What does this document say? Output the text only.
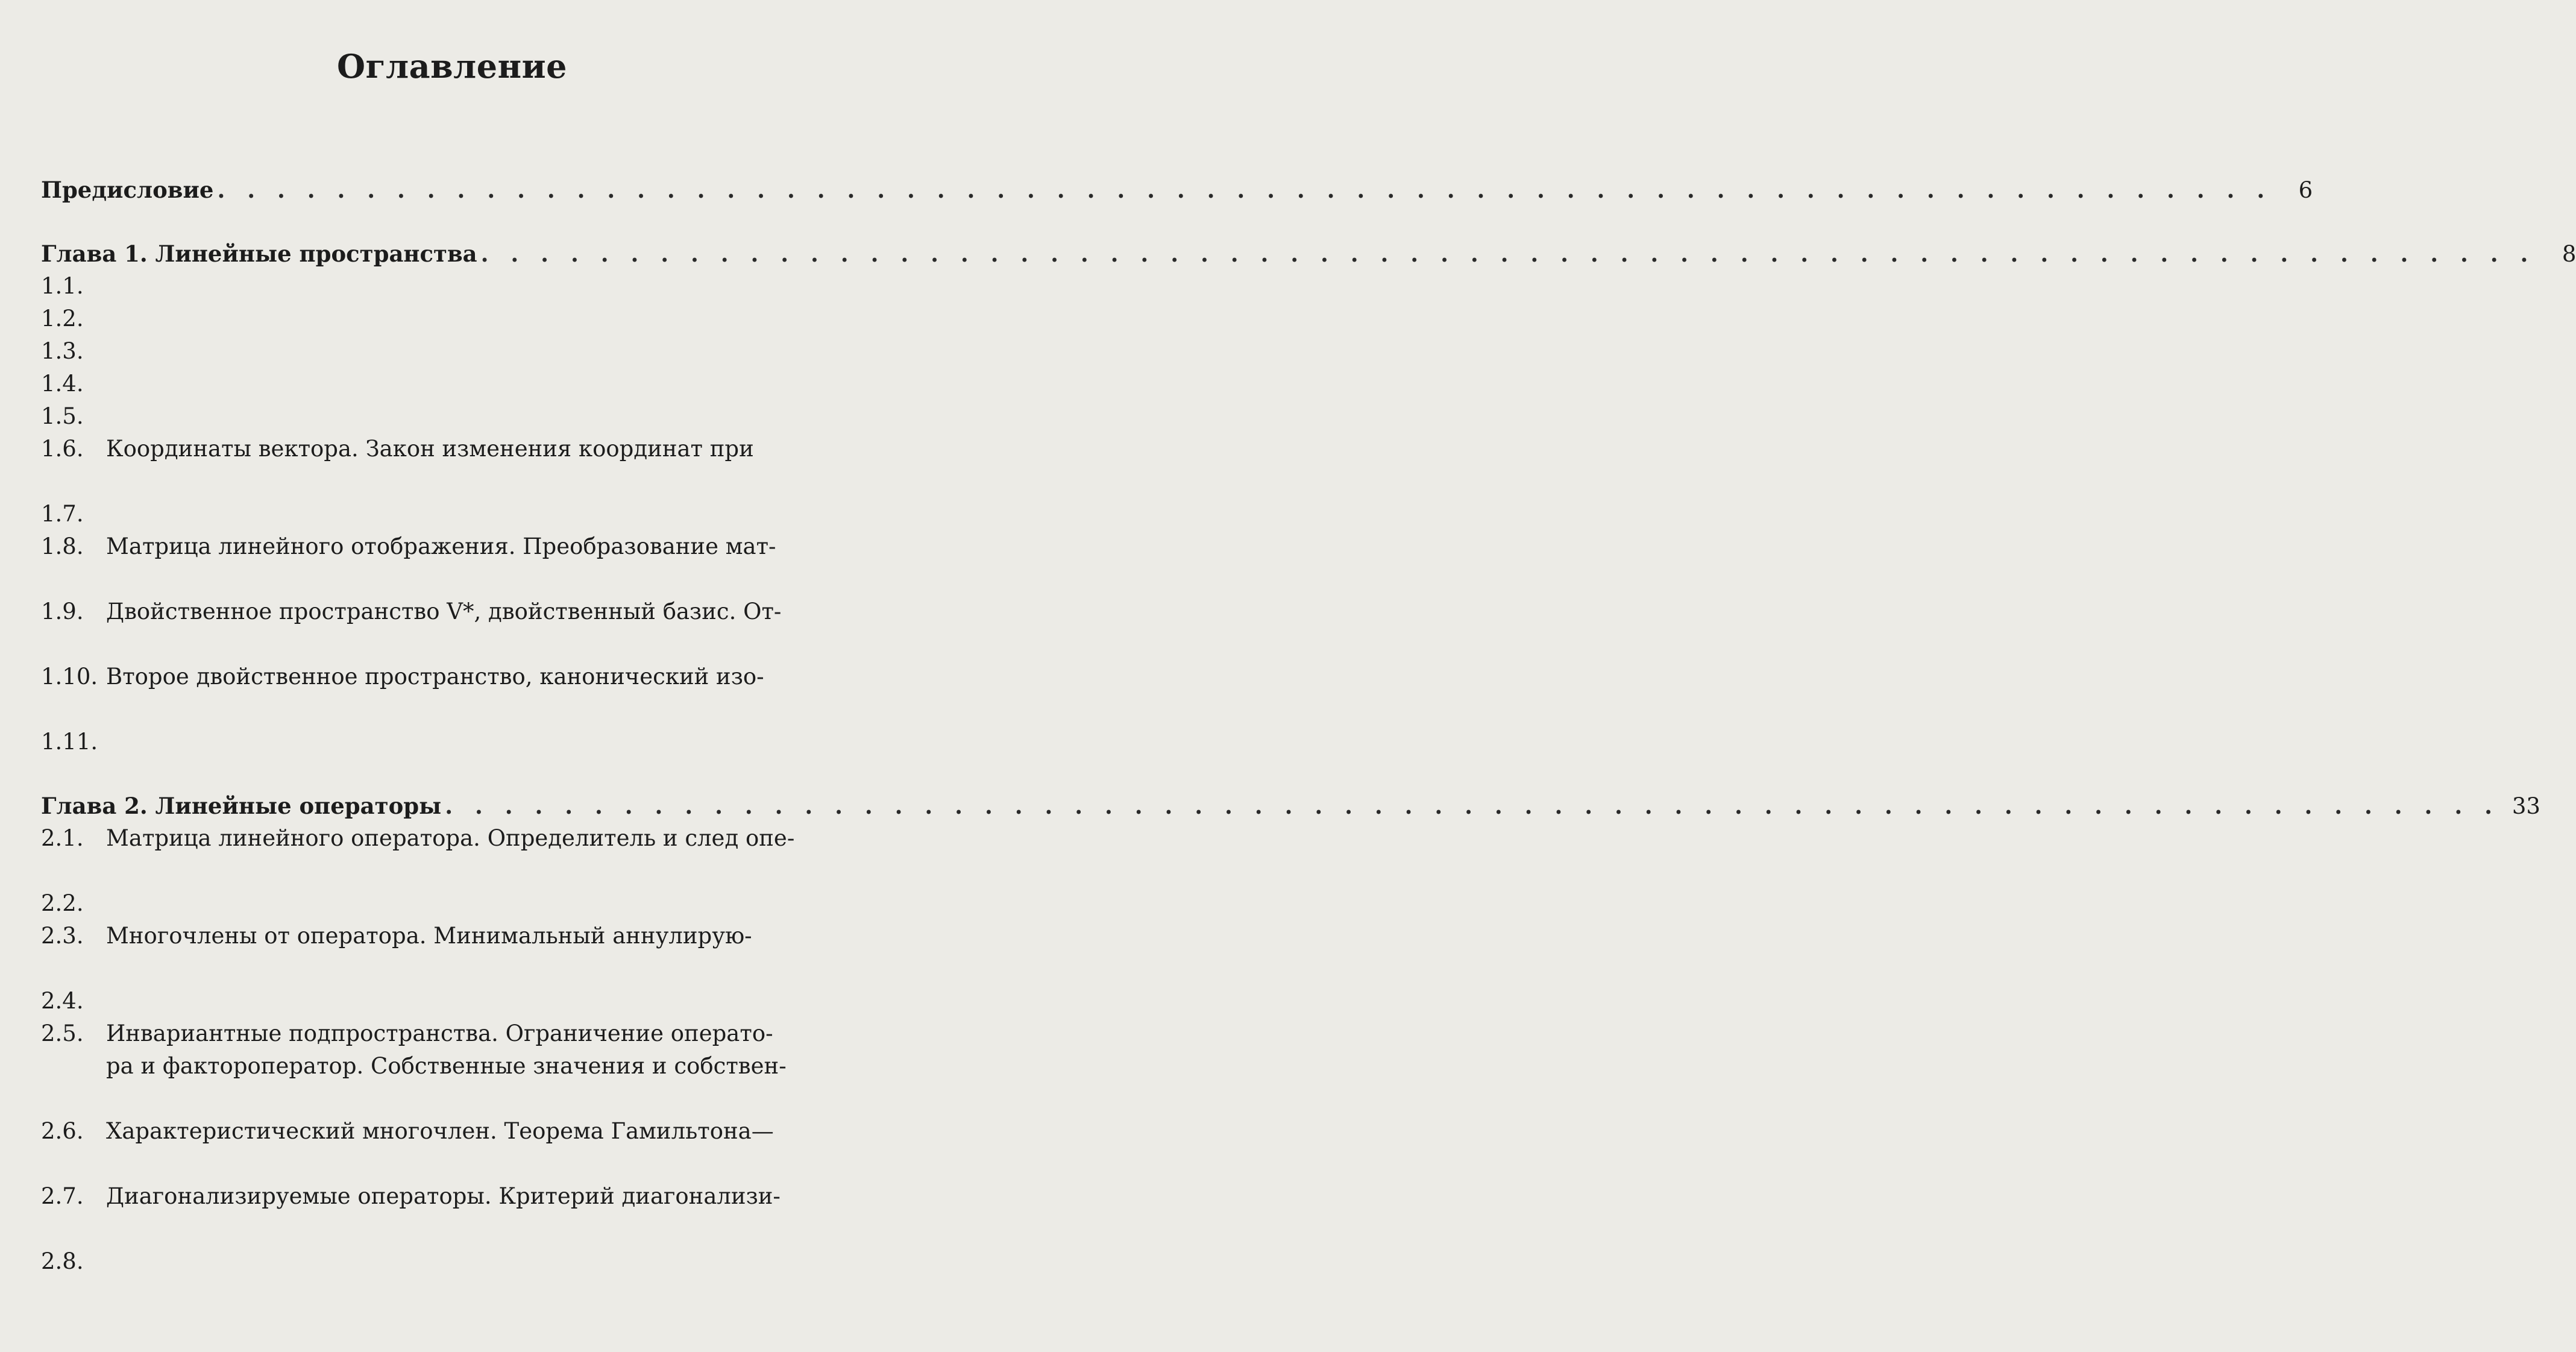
Оглавление
Предисловие . . . . . . . . . . . . . . . . . . . . . . . . . . . . . . . . . . . . . . . . . . . . . . . . . . . . . . . . . . . . . . . . . . . . .	6
Глава 1. Линейные пространства . . . . . . . . . . . . . . . . . . . . . . . . . . . . . . . . . . . . . . . . . . . . . . . . . . . . . . . . . . . . . . . . . . . . .	8
1.1.
1.2.
1.3.
1.4.
1.5.
1.6. Координаты вектора. Закон изменения координат при
1.7.
1.8. Матрица линейного отображения. Преобразование мат-
1.9. Двойственное пространство V*, двойственный базис. От-
1.10. Второе двойственное пространство, канонический изо-
1.11.
Глава 2. Линейные операторы . . . . . . . . . . . . . . . . . . . . . . . . . . . . . . . . . . . . . . . . . . . . . . . . . . . . . . . . . . . . . . . . . . . . . 33
2.1. Матрица линейного оператора. Определитель и след опе-
2.2.
2.3. Многочлены от оператора. Минимальный аннулирую-
2.4.
2.5. Инвариантные подпространства. Ограничение операто-
ра и фактороператор. Собственные значения и собствен-
2.6. Характеристический многочлен. Теорема Гамильтона—
2.7. Диагонализируемые операторы. Критерий диагонализи-
2.8.
